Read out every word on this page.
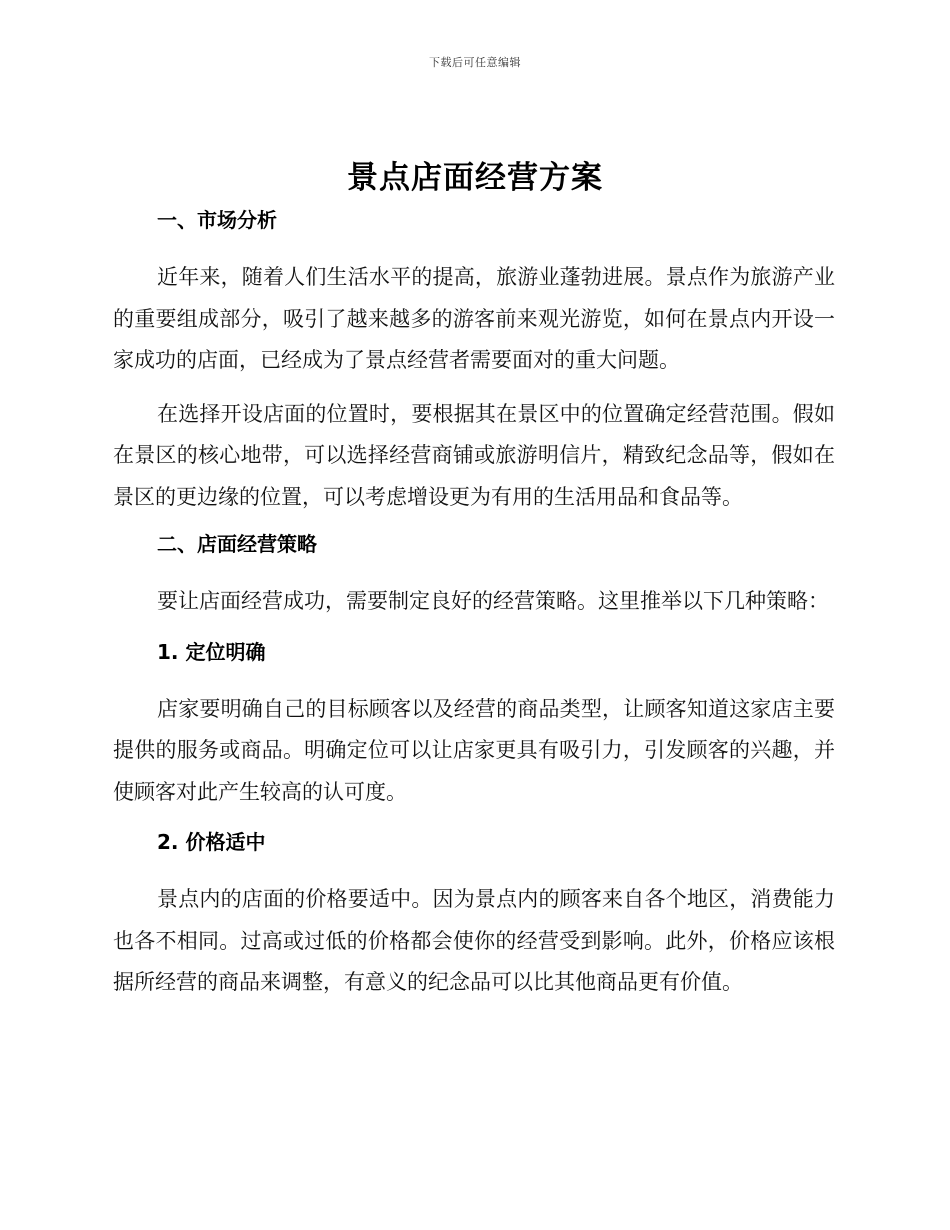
下载后可任意编辑
景点店面经营方案
一、市场分析

近年来，随着人们生活水平的提高，旅游业蓬勃进展。景点作为旅游产业的重要组成部分，吸引了越来越多的游客前来观光游览，如何在景点内开设一家成功的店面，已经成为了景点经营者需要面对的重大问题。

在选择开设店面的位置时，要根据其在景区中的位置确定经营范围。假如在景区的核心地带，可以选择经营商铺或旅游明信片，精致纪念品等，假如在景区的更边缘的位置，可以考虑增设更为有用的生活用品和食品等。

二、店面经营策略

要让店面经营成功，需要制定良好的经营策略。这里推举以下几种策略：

1. 定位明确

店家要明确自己的目标顾客以及经营的商品类型，让顾客知道这家店主要提供的服务或商品。明确定位可以让店家更具有吸引力，引发顾客的兴趣，并使顾客对此产生较高的认可度。

2. 价格适中

景点内的店面的价格要适中。因为景点内的顾客来自各个地区，消费能力也各不相同。过高或过低的价格都会使你的经营受到影响。此外，价格应该根据所经营的商品来调整，有意义的纪念品可以比其他商品更有价值。
